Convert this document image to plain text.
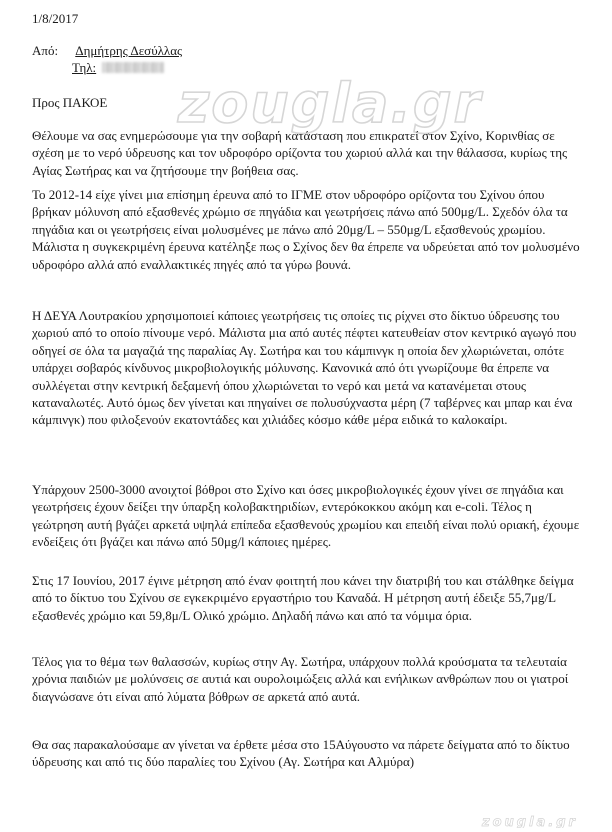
zougla.gr
1/8/2017
Από: Δημήτρης Δεσύλλας
Τηλ:
Προς ΠΑΚΟΕ

Θέλουμε να σας ενημερώσουμε για την σοβαρή κατάσταση που επικρατεί στον Σχίνο, Κορινθίας σε σχέση με το νερό ύδρευσης και τον υδροφόρο ορίζοντα του χωριού αλλά και την θάλασσα, κυρίως της Αγίας Σωτήρας και να ζητήσουμε την βοήθεια σας.

Το 2012-14 είχε γίνει μια επίσημη έρευνα από το ΙΓΜΕ στον υδροφόρο ορίζοντα του Σχίνου όπου βρήκαν μόλυνση από εξασθενές χρώμιο σε πηγάδια και γεωτρήσεις πάνω από 500μg/L. Σχεδόν όλα τα πηγάδια και οι γεωτρήσεις είναι μολυσμένες με πάνω από 20μg/L – 550μg/L εξασθενούς χρωμίου. Μάλιστα η συγκεκριμένη έρευνα κατέληξε πως ο Σχίνος δεν θα έπρεπε να υδρεύεται από τον μολυσμένο υδροφόρο αλλά από εναλλακτικές πηγές από τα γύρω βουνά.

Η ΔΕΥΑ Λουτρακίου χρησιμοποιεί κάποιες γεωτρήσεις τις οποίες τις ρίχνει στο δίκτυο ύδρευσης του χωριού από το οποίο πίνουμε νερό. Μάλιστα μια από αυτές πέφτει κατευθείαν στον κεντρικό αγωγό που οδηγεί σε όλα τα μαγαζιά της παραλίας Αγ. Σωτήρα και του κάμπινγκ η οποία δεν χλωριώνεται, οπότε υπάρχει σοβαρός κίνδυνος μικροβιολογικής μόλυνσης. Κανονικά από ότι γνωρίζουμε θα έπρεπε να συλλέγεται στην κεντρική δεξαμενή όπου χλωριώνεται το νερό και μετά να κατανέμεται στους καταναλωτές. Αυτό όμως δεν γίνεται και πηγαίνει σε πολυσύχναστα μέρη (7 ταβέρνες και μπαρ και ένα κάμπινγκ) που φιλοξενούν εκατοντάδες και χιλιάδες κόσμο κάθε μέρα ειδικά το καλοκαίρι.

Υπάρχουν 2500-3000 ανοιχτοί βόθροι στο Σχίνο και όσες μικροβιολογικές έχουν γίνει σε πηγάδια και γεωτρήσεις έχουν δείξει την ύπαρξη κολοβακτηριδίων, εντερόκοκκου ακόμη και e-coli. Τέλος η γεώτρηση αυτή βγάζει αρκετά υψηλά επίπεδα εξασθενούς χρωμίου και επειδή είναι πολύ οριακή, έχουμε ενδείξεις ότι βγάζει και πάνω από 50μg/l κάποιες ημέρες.

Στις 17 Ιουνίου, 2017 έγινε μέτρηση από έναν φοιτητή που κάνει την διατριβή του και στάλθηκε δείγμα από το δίκτυο του Σχίνου σε εγκεκριμένο εργαστήριο του Καναδά. Η μέτρηση αυτή έδειξε 55,7μg/L εξασθενές χρώμιο και 59,8μ/L Ολικό χρώμιο. Δηλαδή πάνω και από τα νόμιμα όρια.

Τέλος για το θέμα των θαλασσών, κυρίως στην Αγ. Σωτήρα, υπάρχουν πολλά κρούσματα τα τελευταία χρόνια παιδιών με μολύνσεις σε αυτιά και ουρολοιμώξεις αλλά και ενήλικων ανθρώπων που οι γιατροί διαγνώσανε ότι είναι από λύματα βόθρων σε αρκετά από αυτά.

Θα σας παρακαλούσαμε αν γίνεται να έρθετε μέσα στο 15Αύγουστο να πάρετε δείγματα από το δίκτυο ύδρευσης και από τις δύο παραλίες του Σχίνου (Αγ. Σωτήρα και Αλμύρα)

zougla.gr
